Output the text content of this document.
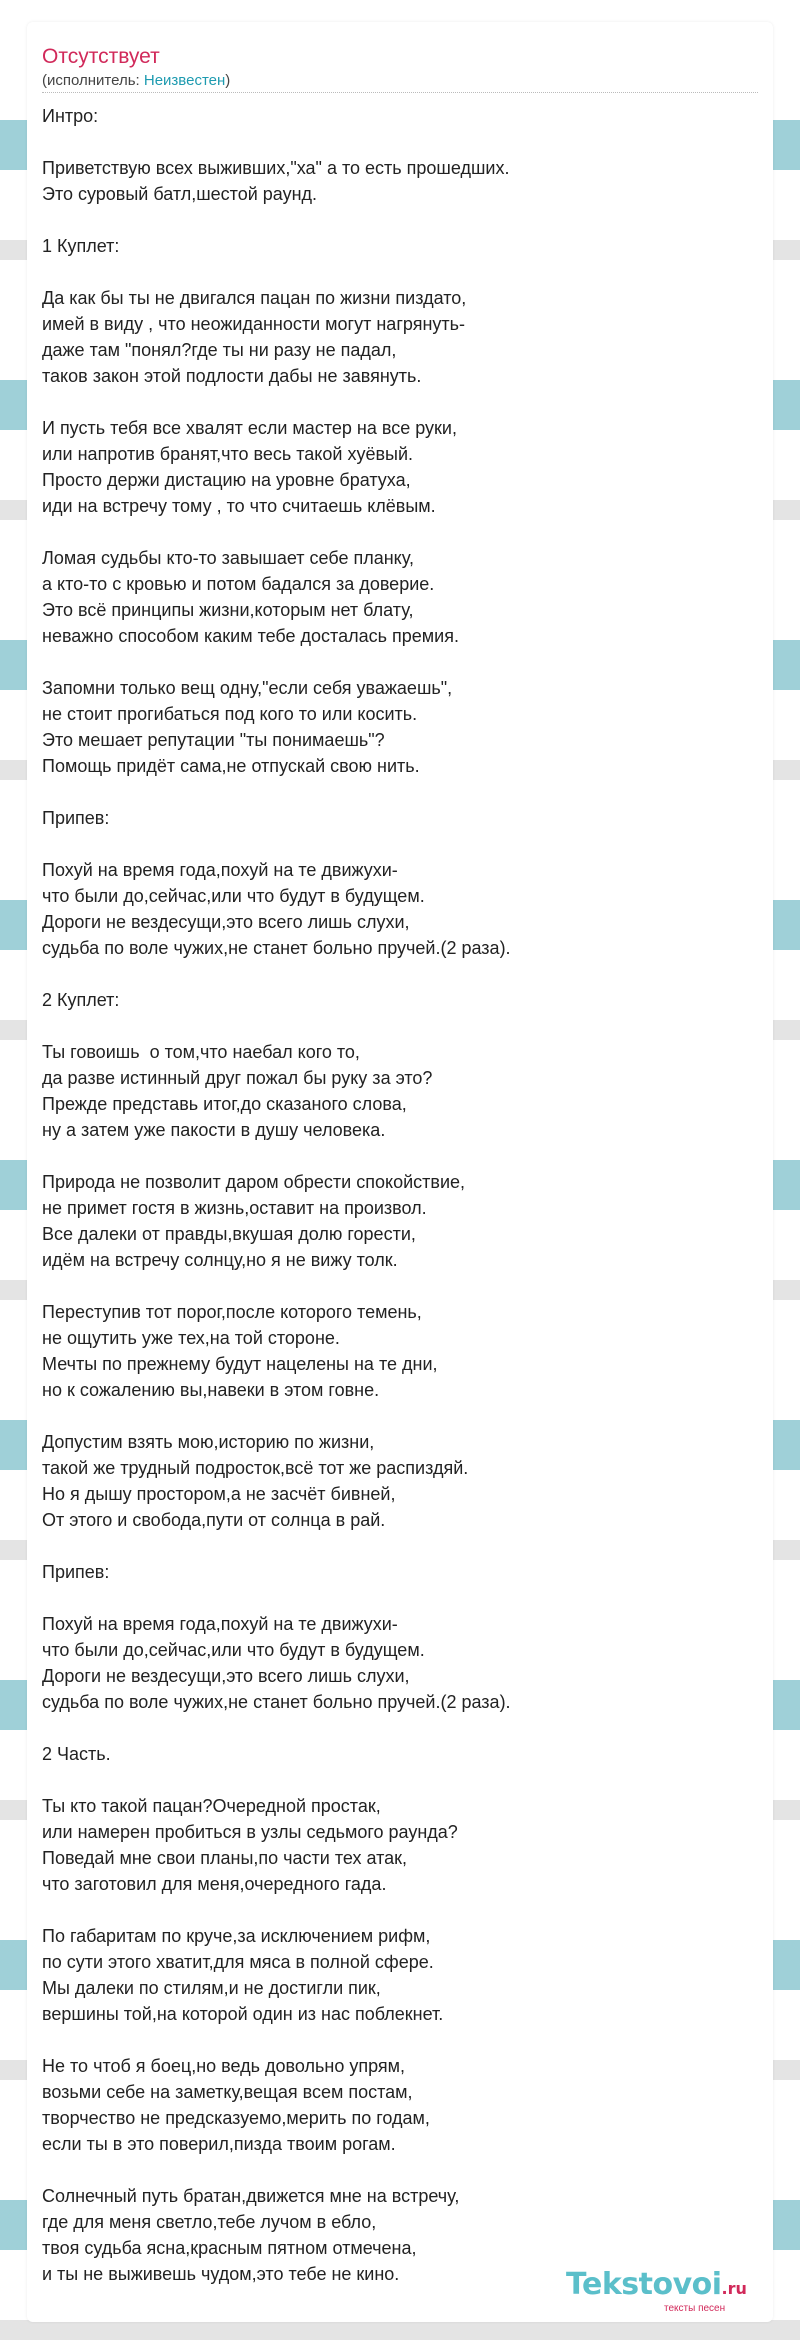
Отсутствует
(исполнитель: Неизвестен)
Интро:

Приветствую всех выживших,"ха" а то есть прошедших.
Это суровый батл,шестой раунд.

1 Куплет:

Да как бы ты не двигался пацан по жизни пиздато,
имей в виду , что неожиданности могут нагрянуть-
даже там "понял?где ты ни разу не падал,
таков закон этой подлости дабы не завянуть.

И пусть тебя все хвалят если мастер на все руки,
или напротив бранят,что весь такой хуёвый.
Просто держи дистацию на уровне братуха,
иди на встречу тому , то что считаешь клёвым.

Ломая судьбы кто-то завышает себе планку,
а кто-то с кровью и потом бадался за доверие.
Это всё принципы жизни,которым нет блату,
неважно способом каким тебе досталась премия.

Запомни только вещ одну,"если себя уважаешь",
не стоит прогибаться под кого то или косить.
Это мешает репутации "ты понимаешь"?
Помощь придёт сама,не отпускай свою нить.

Припев:

Похуй на время года,похуй на те движухи-
что были до,сейчас,или что будут в будущем.
Дороги не вездесущи,это всего лишь слухи,
судьба по воле чужих,не станет больно пручей.(2 раза).

2 Куплет:

Ты говоишь  о том,что наебал кого то,
да разве истинный друг пожал бы руку за это?
Прежде представь итог,до сказаного слова,
ну а затем уже пакости в душу человека.

Природа не позволит даром обрести спокойствие,
не примет гостя в жизнь,оставит на произвол.
Все далеки от правды,вкушая долю горести,
идём на встречу солнцу,но я не вижу толк.

Переступив тот порог,после которого темень,
не ощутить уже тех,на той стороне.
Мечты по прежнему будут нацелены на те дни,
но к сожалению вы,навеки в этом говне.

Допустим взять мою,историю по жизни,
такой же трудный подросток,всё тот же распиздяй.
Но я дышу простором,а не засчёт бивней,
От этого и свобода,пути от солнца в рай.

Припев:

Похуй на время года,похуй на те движухи-
что были до,сейчас,или что будут в будущем.
Дороги не вездесущи,это всего лишь слухи,
судьба по воле чужих,не станет больно пручей.(2 раза).

2 Часть.

Ты кто такой пацан?Очередной простак,
или намерен пробиться в узлы седьмого раунда?
Поведай мне свои планы,по части тех атак,
что заготовил для меня,очередного гада.

По габаритам по круче,за исключением рифм,
по сути этого хватит,для мяса в полной сфере.
Мы далеки по стилям,и не достигли пик,
вершины той,на которой один из нас поблекнет.

Не то чтоб я боец,но ведь довольно упрям,
возьми себе на заметку,вещая всем постам,
творчество не предсказуемо,мерить по годам,
если ты в это поверил,пизда твоим рогам.

Солнечный путь братан,движется мне на встречу,
где для меня светло,тебе лучом в ебло,
твоя судьба ясна,красным пятном отмечена,
и ты не выживешь чудом,это тебе не кино.	Tekstovoi.ru
тексты песен
